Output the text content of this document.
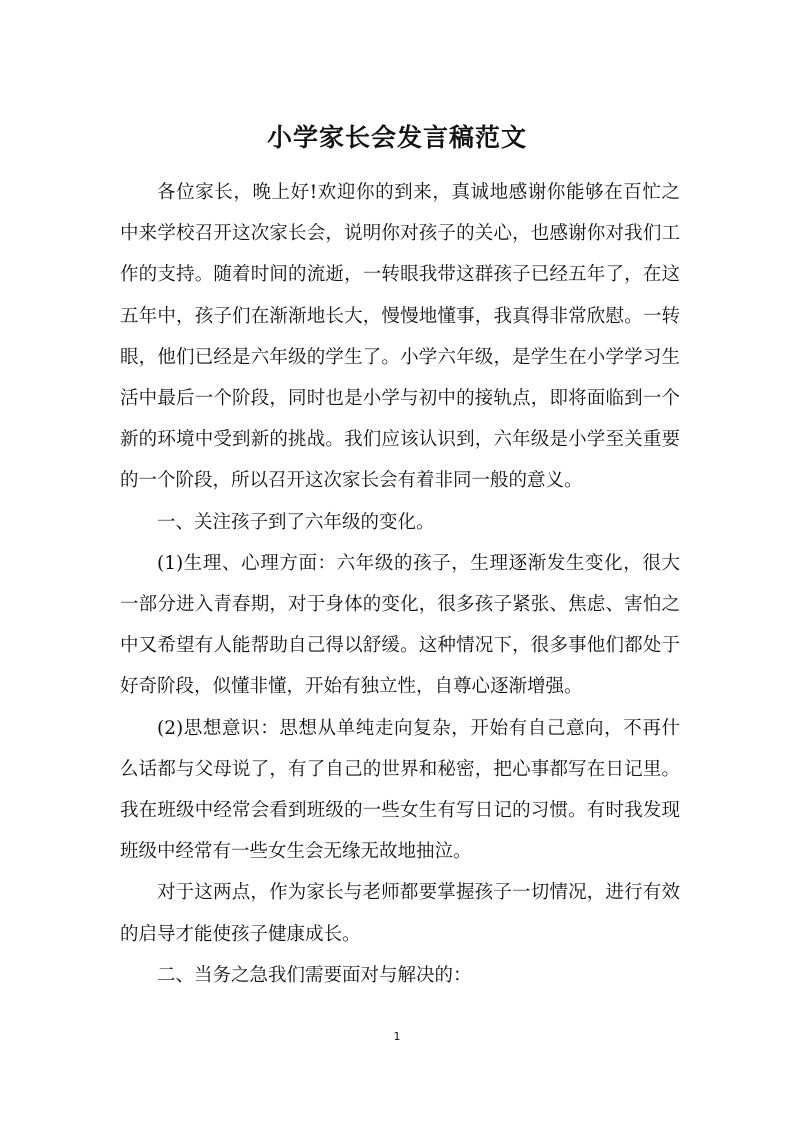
小学家长会发言稿范文

各位家长，晚上好!欢迎你的到来，真诚地感谢你能够在百忙之中来学校召开这次家长会，说明你对孩子的关心，也感谢你对我们工作的支持。随着时间的流逝，一转眼我带这群孩子已经五年了，在这五年中，孩子们在渐渐地长大，慢慢地懂事，我真得非常欣慰。一转眼，他们已经是六年级的学生了。小学六年级，是学生在小学学习生活中最后一个阶段，同时也是小学与初中的接轨点，即将面临到一个新的环境中受到新的挑战。我们应该认识到，六年级是小学至关重要的一个阶段，所以召开这次家长会有着非同一般的意义。

一、关注孩子到了六年级的变化。

(1)生理、心理方面：六年级的孩子，生理逐渐发生变化，很大一部分进入青春期，对于身体的变化，很多孩子紧张、焦虑、害怕之中又希望有人能帮助自己得以舒缓。这种情况下，很多事他们都处于好奇阶段，似懂非懂，开始有独立性，自尊心逐渐增强。

(2)思想意识：思想从单纯走向复杂，开始有自己意向，不再什么话都与父母说了，有了自己的世界和秘密，把心事都写在日记里。我在班级中经常会看到班级的一些女生有写日记的习惯。有时我发现班级中经常有一些女生会无缘无故地抽泣。

对于这两点，作为家长与老师都要掌握孩子一切情况，进行有效的启导才能使孩子健康成长。

二、当务之急我们需要面对与解决的：

1
